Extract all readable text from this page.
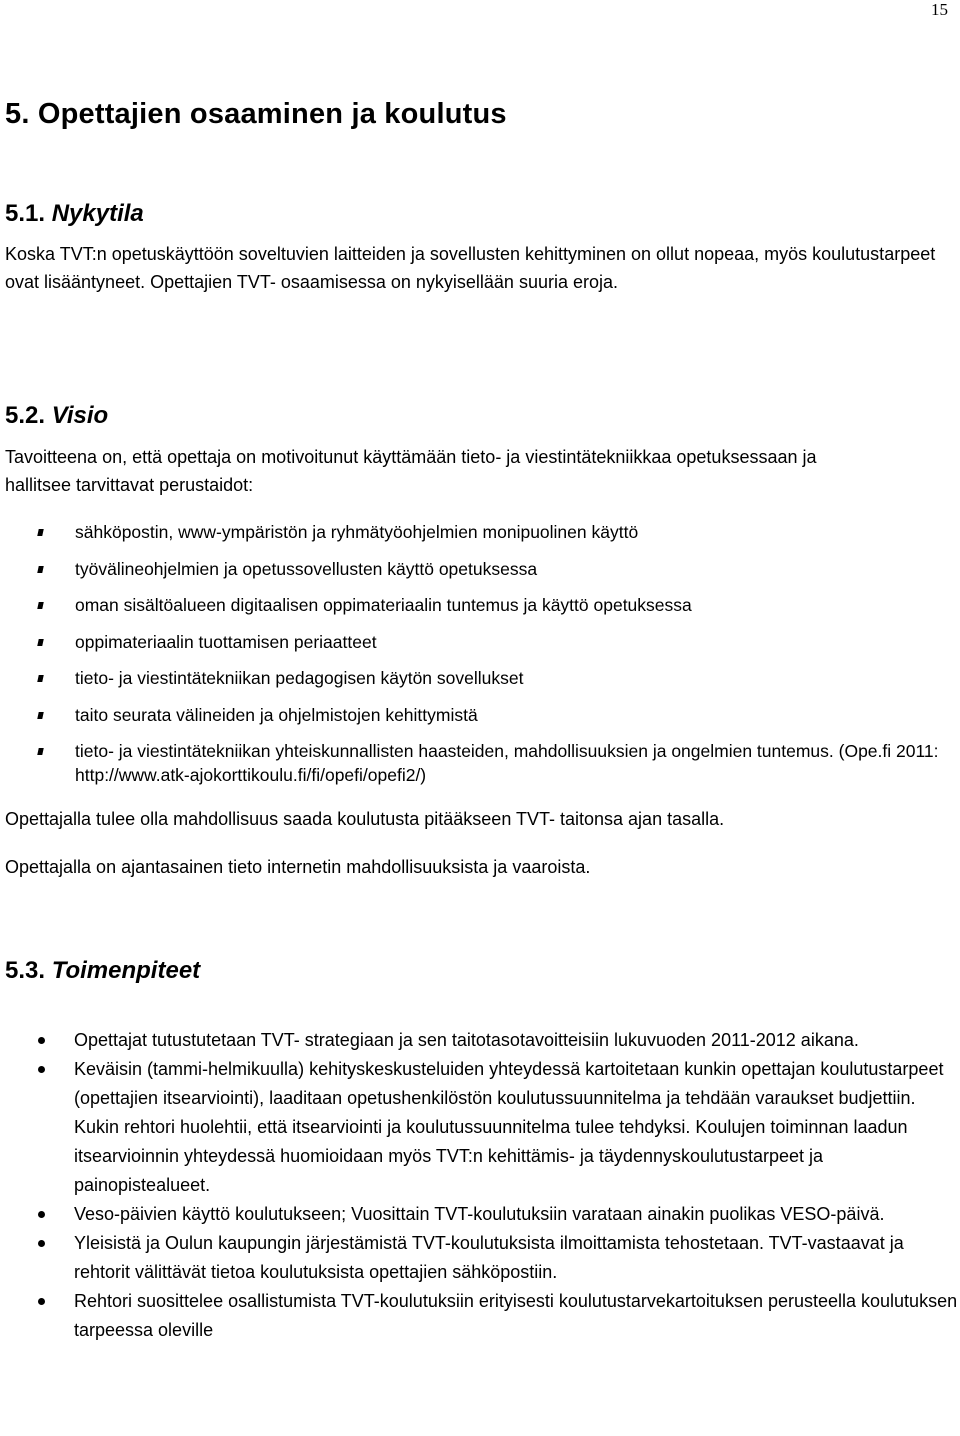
15
5. Opettajien osaaminen ja koulutus
5.1. Nykytila

Koska TVT:n opetuskäyttöön soveltuvien laitteiden ja sovellusten kehittyminen on ollut nopeaa, myös koulutustarpeet ovat lisääntyneet. Opettajien TVT- osaamisessa on nykyisellään suuria eroja.

5.2. Visio

Tavoitteena on, että opettaja on motivoitunut käyttämään tieto- ja viestintätekniikkaa opetuksessaan ja hallitsee tarvittavat perustaidot:

sähköpostin, www-ympäristön ja ryhmätyöohjelmien monipuolinen käyttö
työvälineohjelmien ja opetussovellusten käyttö opetuksessa
oman sisältöalueen digitaalisen oppimateriaalin tuntemus ja käyttö opetuksessa
oppimateriaalin tuottamisen periaatteet
tieto- ja viestintätekniikan pedagogisen käytön sovellukset
taito seurata välineiden ja ohjelmistojen kehittymistä
tieto- ja viestintätekniikan yhteiskunnallisten haasteiden, mahdollisuuksien ja ongelmien tuntemus. (Ope.fi 2011: http://www.atk-ajokorttikoulu.fi/fi/opefi/opefi2/)

Opettajalla tulee olla mahdollisuus saada koulutusta pitääkseen TVT- taitonsa ajan tasalla.

Opettajalla on ajantasainen tieto internetin mahdollisuuksista ja vaaroista.

5.3. Toimenpiteet
Opettajat tutustutetaan TVT- strategiaan ja sen taitotasotavoitteisiin lukuvuoden 2011-2012 aikana.
Keväisin (tammi-helmikuulla) kehityskeskusteluiden yhteydessä kartoitetaan kunkin opettajan koulutustarpeet (opettajien itsearviointi), laaditaan opetushenkilöstön koulutussuunnitelma ja tehdään varaukset budjettiin. Kukin rehtori huolehtii, että itsearviointi ja koulutussuunnitelma tulee tehdyksi. Koulujen toiminnan laadun itsearvioinnin yhteydessä huomioidaan myös TVT:n kehittämis- ja täydennyskoulutustarpeet ja painopistealueet.
Veso-päivien käyttö koulutukseen; Vuosittain TVT-koulutuksiin varataan ainakin puolikas VESO-päivä.
Yleisistä ja Oulun kaupungin järjestämistä TVT-koulutuksista ilmoittamista tehostetaan. TVT-vastaavat ja rehtorit välittävät tietoa koulutuksista opettajien sähköpostiin.
Rehtori suosittelee osallistumista TVT-koulutuksiin erityisesti koulutustarvekartoituksen perusteella koulutuksen tarpeessa oleville
